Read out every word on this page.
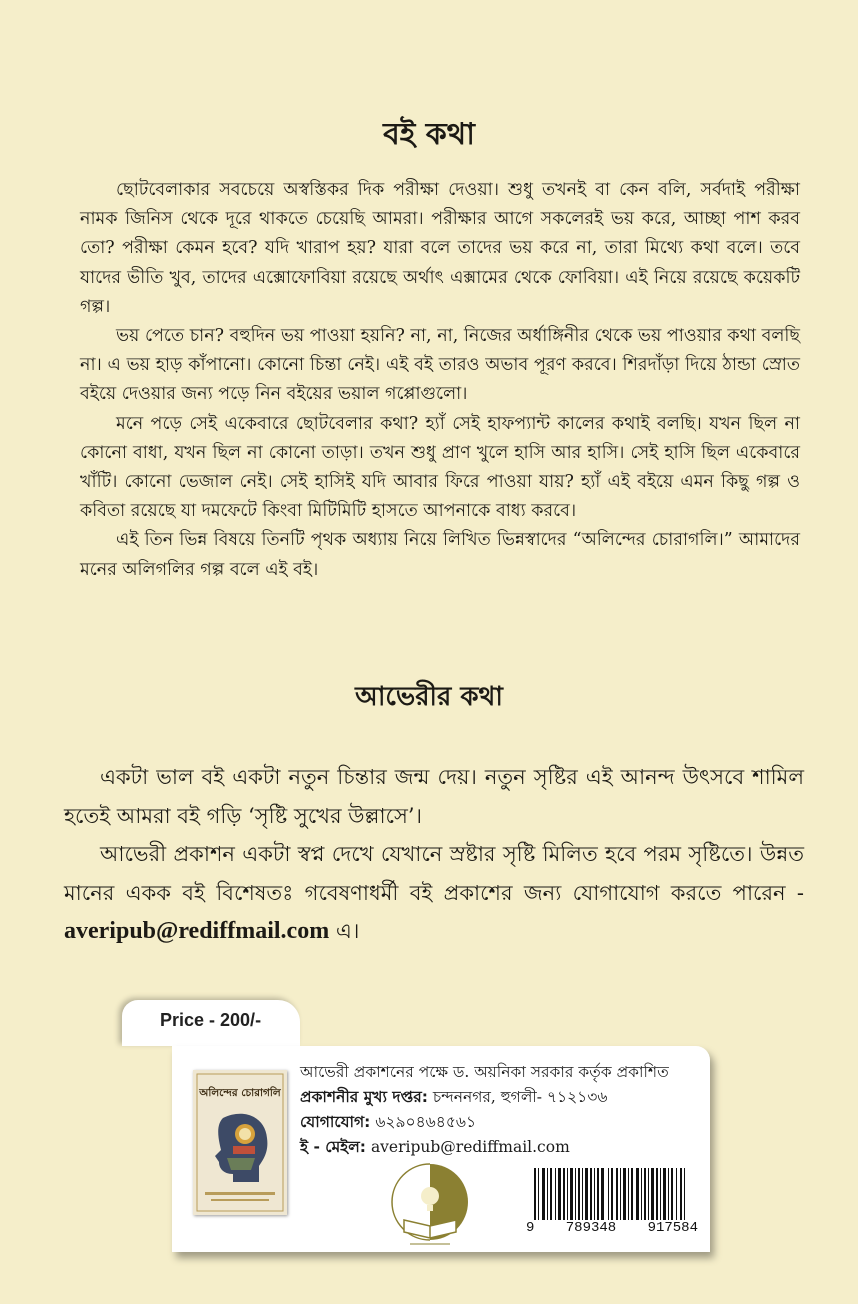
বই কথা

ছোটবেলাকার সবচেয়ে অস্বস্তিকর দিক পরীক্ষা দেওয়া। শুধু তখনই বা কেন বলি, সর্বদাই পরীক্ষা নামক জিনিস থেকে দূরে থাকতে চেয়েছি আমরা। পরীক্ষার আগে সকলেরই ভয় করে, আচ্ছা পাশ করব তো? পরীক্ষা কেমন হবে? যদি খারাপ হয়? যারা বলে তাদের ভয় করে না, তারা মিথ্যে কথা বলে। তবে যাদের ভীতি খুব, তাদের এক্সোফোবিয়া রয়েছে অর্থাৎ এক্সামের থেকে ফোবিয়া। এই নিয়ে রয়েছে কয়েকটি গল্প।

ভয় পেতে চান? বহুদিন ভয় পাওয়া হয়নি? না, না, নিজের অর্ধাঙ্গিনীর থেকে ভয় পাওয়ার কথা বলছি না। এ ভয় হাড় কাঁপানো। কোনো চিন্তা নেই। এই বই তারও অভাব পূরণ করবে। শিরদাঁড়া দিয়ে ঠান্ডা স্রোত বইয়ে দেওয়ার জন্য পড়ে নিন বইয়ের ভয়াল গপ্পোগুলো।

মনে পড়ে সেই একেবারে ছোটবেলার কথা? হ্যাঁ সেই হাফপ্যান্ট কালের কথাই বলছি। যখন ছিল না কোনো বাধা, যখন ছিল না কোনো তাড়া। তখন শুধু প্রাণ খুলে হাসি আর হাসি। সেই হাসি ছিল একেবারে খাঁটি। কোনো ভেজাল নেই। সেই হাসিই যদি আবার ফিরে পাওয়া যায়? হ্যাঁ এই বইয়ে এমন কিছু গল্প ও কবিতা রয়েছে যা দমফেটে কিংবা মিটিমিটি হাসতে আপনাকে বাধ্য করবে।

এই তিন ভিন্ন বিষয়ে তিনটি পৃথক অধ্যায় নিয়ে লিখিত ভিন্নস্বাদের “অলিন্দের চোরাগলি।” আমাদের মনের অলিগলির গল্প বলে এই বই।

আভেরীর কথা

একটা ভাল বই একটা নতুন চিন্তার জন্ম দেয়। নতুন সৃষ্টির এই আনন্দ উৎসবে শামিল হতেই আমরা বই গড়ি ‘সৃষ্টি সুখের উল্লাসে’।

আভেরী প্রকাশন একটা স্বপ্ন দেখে যেখানে স্রষ্টার সৃষ্টি মিলিত হবে পরম সৃষ্টিতে। উন্নত মানের একক বই বিশেষতঃ গবেষণাধর্মী বই প্রকাশের জন্য যোগাযোগ করতে পারেন - averipub@rediffmail.com এ।

Price - 200/-
অলিন্দের চোরাগলি
আভেরী প্রকাশনের পক্ষে ড. অয়নিকা সরকার কর্তৃক প্রকাশিত
প্রকাশনীর মুখ্য দপ্তর: চন্দননগর, হুগলী- ৭১২১৩৬
যোগাযোগ: ৬২৯০৪৬৪৫৬১
ই - মেইল: averipub@rediffmail.com
9 789348 917584
